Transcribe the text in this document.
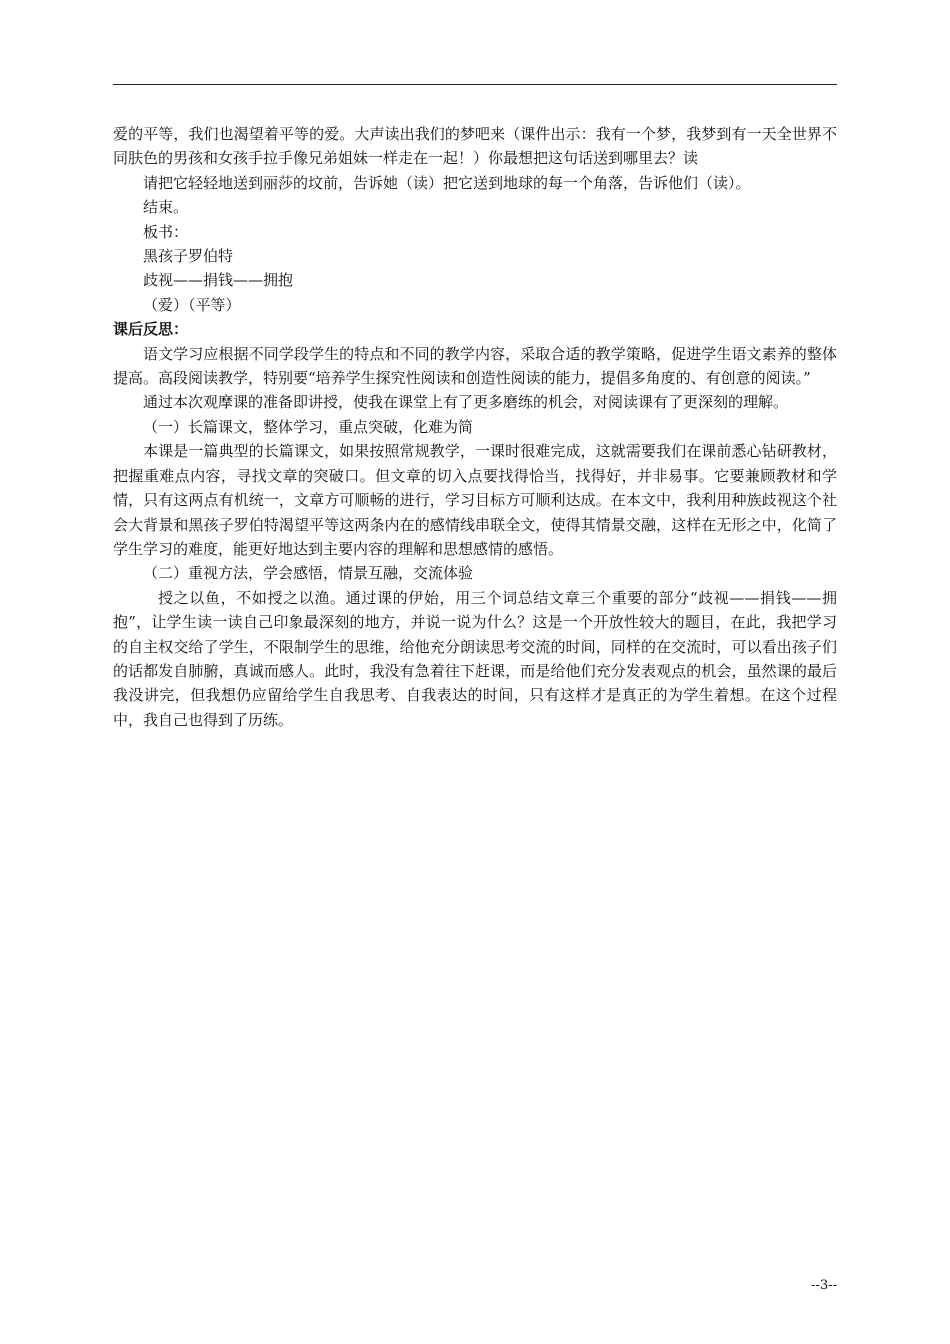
爱的平等，我们也渴望着平等的爱。大声读出我们的梦吧来（课件出示：我有一个梦，我梦到有一天全世界不同肤色的男孩和女孩手拉手像兄弟姐妹一样走在一起！）你最想把这句话送到哪里去？读

请把它轻轻地送到丽莎的坟前，告诉她（读）把它送到地球的每一个角落，告诉他们（读）。

结束。

板书：

黑孩子罗伯特

歧视——捐钱——拥抱

（爱）（平等）

课后反思：

语文学习应根据不同学段学生的特点和不同的教学内容，采取合适的教学策略，促进学生语文素养的整体提高。高段阅读教学，特别要“培养学生探究性阅读和创造性阅读的能力，提倡多角度的、有创意的阅读。”

通过本次观摩课的准备即讲授，使我在课堂上有了更多磨练的机会，对阅读课有了更深刻的理解。

（一）长篇课文，整体学习，重点突破，化难为简

本课是一篇典型的长篇课文，如果按照常规教学，一课时很难完成，这就需要我们在课前悉心钻研教材，把握重难点内容，寻找文章的突破口。但文章的切入点要找得恰当，找得好，并非易事。它要兼顾教材和学情，只有这两点有机统一，文章方可顺畅的进行，学习目标方可顺利达成。在本文中，我利用种族歧视这个社会大背景和黑孩子罗伯特渴望平等这两条内在的感情线串联全文，使得其情景交融，这样在无形之中，化简了学生学习的难度，能更好地达到主要内容的理解和思想感情的感悟。

（二）重视方法，学会感悟，情景互融，交流体验

授之以鱼，不如授之以渔。通过课的伊始，用三个词总结文章三个重要的部分“歧视——捐钱——拥抱”，让学生读一读自己印象最深刻的地方，并说一说为什么？这是一个开放性较大的题目，在此，我把学习的自主权交给了学生，不限制学生的思维，给他充分朗读思考交流的时间，同样的在交流时，可以看出孩子们的话都发自肺腑，真诚而感人。此时，我没有急着往下赶课，而是给他们充分发表观点的机会，虽然课的最后我没讲完，但我想仍应留给学生自我思考、自我表达的时间，只有这样才是真正的为学生着想。在这个过程中，我自己也得到了历练。

--3--
